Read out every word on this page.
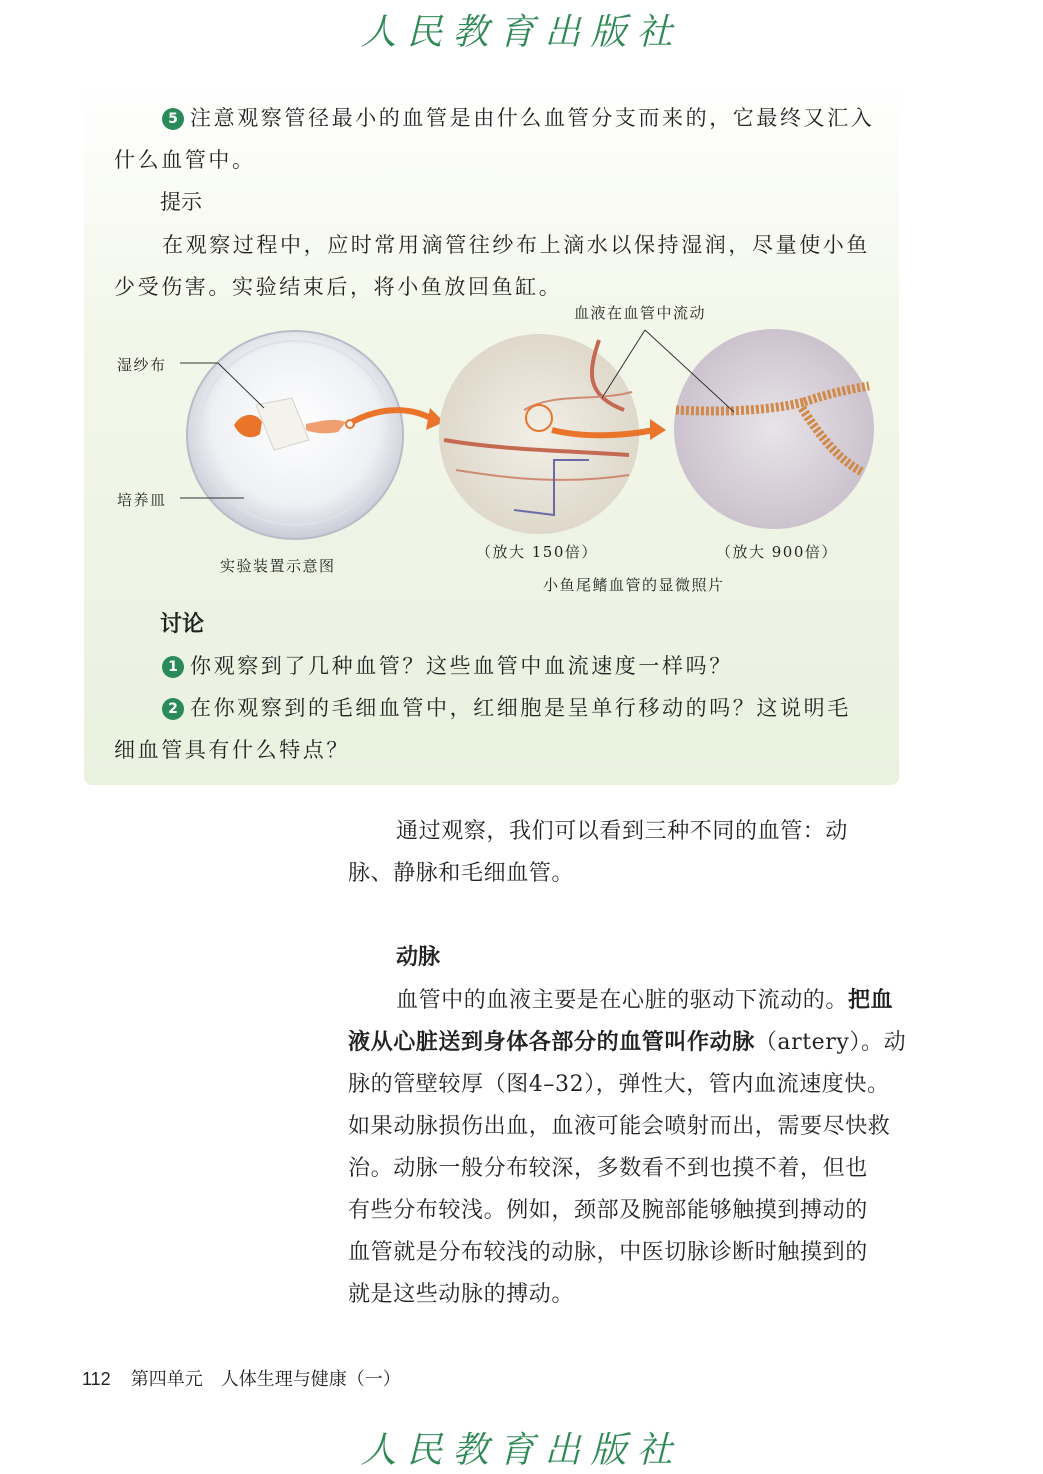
人民教育出版社
5 注意观察管径最小的血管是由什么血管分支而来的，它最终又汇入
什么血管中。
提示
在观察过程中，应时常用滴管往纱布上滴水以保持湿润，尽量使小鱼
少受伤害。实验结束后，将小鱼放回鱼缸。
湿纱布
培养皿
实验装置示意图
血液在血管中流动
（放大 150倍）	（放大 900倍）
小鱼尾鳍血管的显微照片
讨论
1 你观察到了几种血管？这些血管中血流速度一样吗？
2 在你观察到的毛细血管中，红细胞是呈单行移动的吗？这说明毛
细血管具有什么特点？
通过观察，我们可以看到三种不同的血管：动
脉、静脉和毛细血管。
动脉
血管中的血液主要是在心脏的驱动下流动的。把血
液从心脏送到身体各部分的血管叫作动脉（artery）。动
脉的管壁较厚（图4–32），弹性大，管内血流速度快。
如果动脉损伤出血，血液可能会喷射而出，需要尽快救
治。动脉一般分布较深，多数看不到也摸不着，但也
有些分布较浅。例如，颈部及腕部能够触摸到搏动的
血管就是分布较浅的动脉，中医切脉诊断时触摸到的
就是这些动脉的搏动。
112 第四单元　人体生理与健康（一）
人民教育出版社
